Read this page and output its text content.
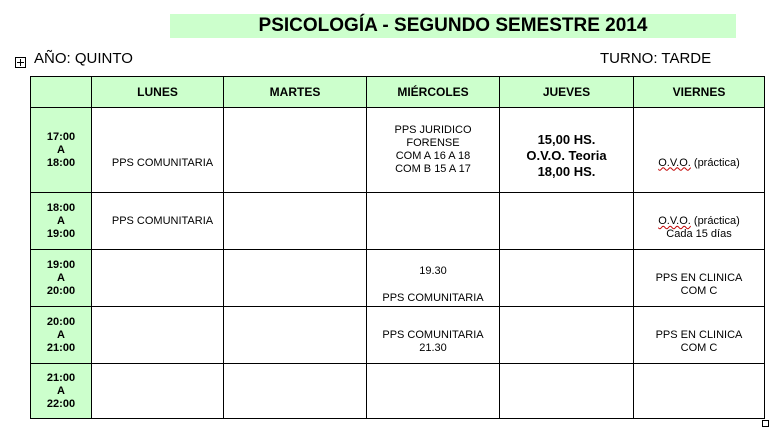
PSICOLOGÍA - SEGUNDO SEMESTRE 2014
AÑO: QUINTO	TURNO: TARDE
	LUNES	MARTES	MIÉRCOLES	JUEVES	VIERNES

17:00
A
18:00	PPS COMUNITARIA		PPS JURIDICO
FORENSE
COM A 16 A 18
COM B 15 A 17	15,00 HS.
O.V.O. Teoria
18,00 HS.	O.V.O. (práctica)

18:00
A
19:00	PPS COMUNITARIA				O.V.O. (práctica)
Cada 15 días

19:00
A
20:00			19.30
PPS COMUNITARIA		PPS EN CLINICA
COM C

20:00
A
21:00			PPS COMUNITARIA
21.30		PPS EN CLINICA
COM C

21:00
A
22:00					
